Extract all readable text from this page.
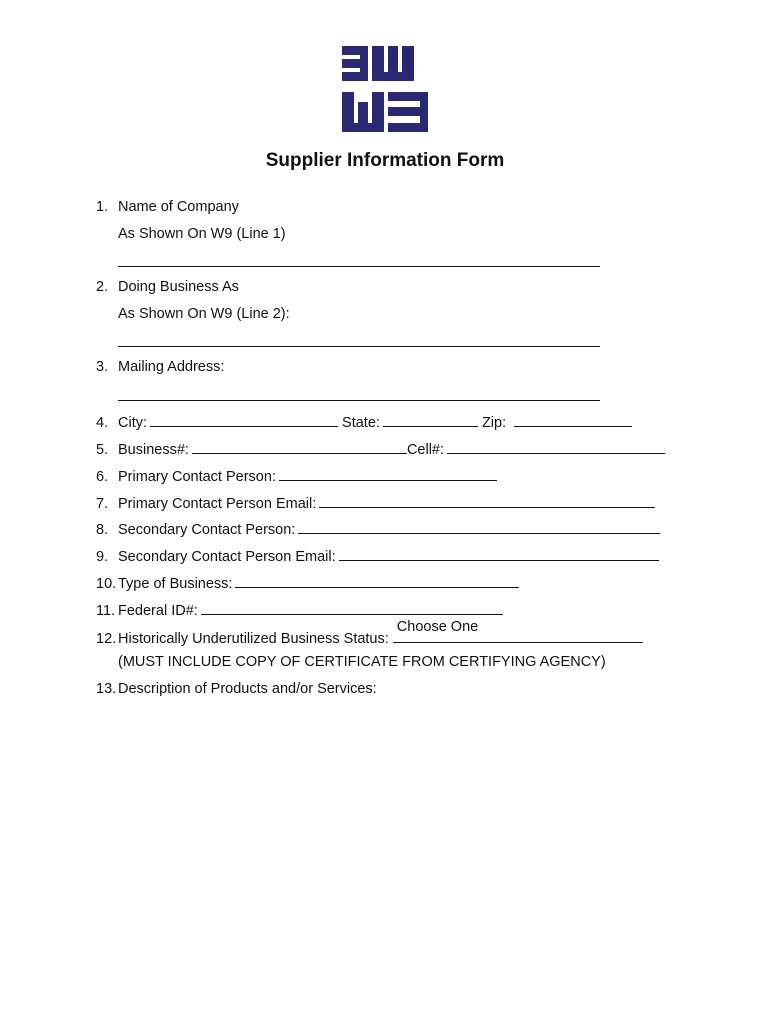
Supplier Information Form
1. Name of Company
As Shown On W9 (Line 1)
2. Doing Business As
As Shown On W9 (Line 2):
3. Mailing Address:
4. City:	State:	Zip:
5. Business#:	Cell#:
6. Primary Contact Person:
7. Primary Contact Person Email:
8. Secondary Contact Person:
9. Secondary Contact Person Email:
10. Type of Business:
11. Federal ID#:
12. Historically Underutilized Business Status:
Choose One
(MUST INCLUDE COPY OF CERTIFICATE FROM CERTIFYING AGENCY)
13. Description of Products and/or Services:
